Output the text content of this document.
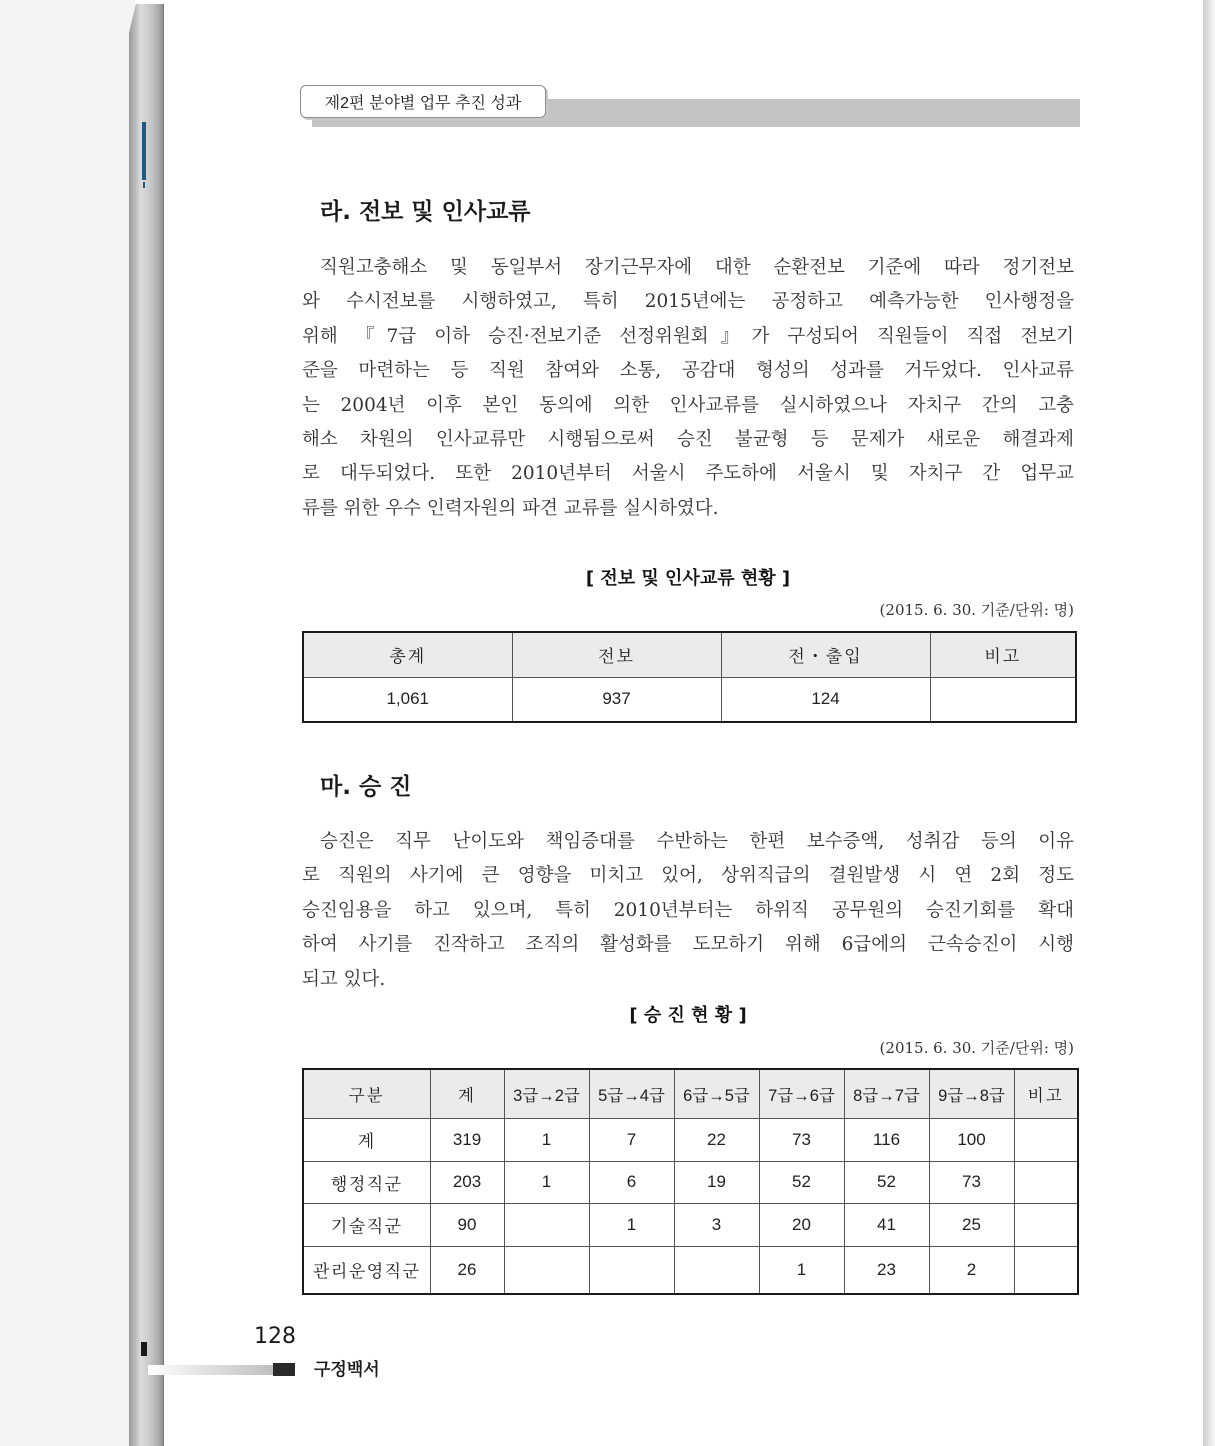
제2편 분야별 업무 추진 성과
라. 전보 및 인사교류
직원고충해소 및 동일부서 장기근무자에 대한 순환전보 기준에 따라 정기전보
와 수시전보를 시행하였고, 특히 2015년에는 공정하고 예측가능한 인사행정을
위해 『7급 이하 승진·전보기준 선정위원회』가 구성되어 직원들이 직접 전보기
준을 마련하는 등 직원 참여와 소통, 공감대 형성의 성과를 거두었다. 인사교류
는 2004년 이후 본인 동의에 의한 인사교류를 실시하였으나 자치구 간의 고충
해소 차원의 인사교류만 시행됨으로써 승진 불균형 등 문제가 새로운 해결과제
로 대두되었다. 또한 2010년부터 서울시 주도하에 서울시 및 자치구 간 업무교
류를 위한 우수 인력자원의 파견 교류를 실시하였다.
[ 전보 및 인사교류 현황 ]
(2015. 6. 30. 기준/단위: 명)
총계	전보	전・출입	비고
1,061	937	124	
마. 승 진
승진은 직무 난이도와 책임증대를 수반하는 한편 보수증액, 성취감 등의 이유
로 직원의 사기에 큰 영향을 미치고 있어, 상위직급의 결원발생 시 연 2회 정도
승진임용을 하고 있으며, 특히 2010년부터는 하위직 공무원의 승진기회를 확대
하여 사기를 진작하고 조직의 활성화를 도모하기 위해 6급에의 근속승진이 시행
되고 있다.
[ 승 진 현 황 ]
(2015. 6. 30. 기준/단위: 명)
구분	계	3급→2급	5급→4급	6급→5급	7급→6급	8급→7급	9급→8급	비고
계	319	1	7	22	73	116	100	
행정직군	203	1	6	19	52	52	73	
기술직군	90		1	3	20	41	25	
관리운영직군	26				1	23	2	
128
구정백서
